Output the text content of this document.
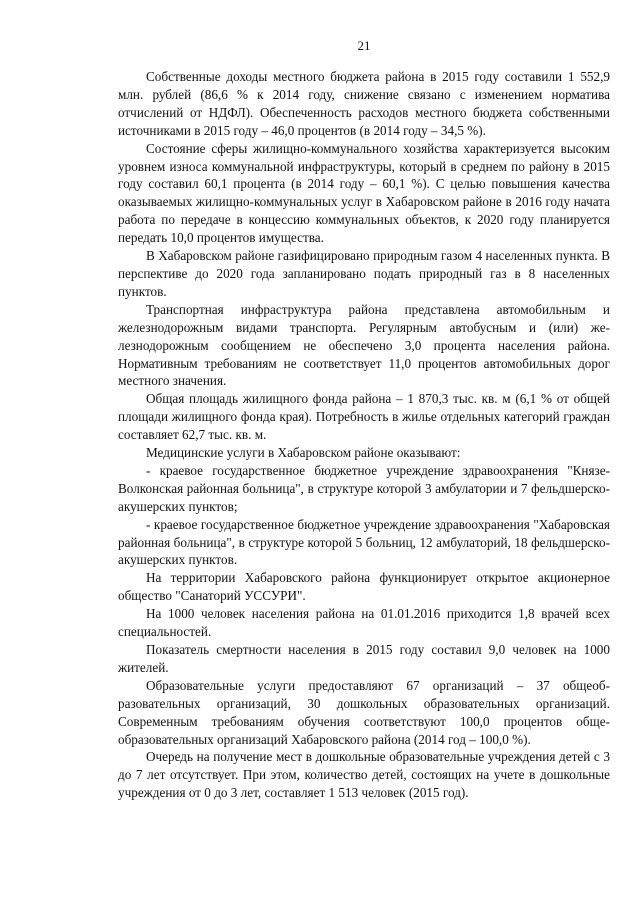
21

Собственные доходы местного бюджета района в 2015 году составили 1 552,9 млн. рублей (86,6 % к 2014 году, снижение связано с изменением норматива отчислений от НДФЛ). Обеспеченность расходов местного бюджета собственными источниками в 2015 году – 46,0 процентов (в 2014 году – 34,5 %).

Состояние сферы жилищно-коммунального хозяйства характеризуется высоким уровнем износа коммунальной инфраструктуры, который в среднем по району в 2015 году составил 60,1 процента (в 2014 году – 60,1 %). С целью повышения качества оказываемых жилищно-коммунальных услуг в Хабаровском районе в 2016 году начата работа по передаче в концессию коммунальных объектов, к 2020 году планируется передать 10,0 процентов имущества.

В Хабаровском районе газифицировано природным газом 4 населенных пункта. В перспективе до 2020 года запланировано подать природный газ в 8 населенных пунктов.

Транспортная инфраструктура района представлена автомобильным и железнодорожным видами транспорта. Регулярным автобусным и (или) железнодорожным сообщением не обеспечено 3,0 процента населения района. Нормативным требованиям не соответствует 11,0 процентов автомобильных дорог местного значения.

Общая площадь жилищного фонда района – 1 870,3 тыс. кв. м (6,1 % от общей площади жилищного фонда края). Потребность в жилье отдельных категорий граждан составляет 62,7 тыс. кв. м.

Медицинские услуги в Хабаровском районе оказывают:

- краевое государственное бюджетное учреждение здравоохранения "Князе-Волконская районная больница", в структуре которой 3 амбулатории и 7 фельдшерско-акушерских пунктов;

- краевое государственное бюджетное учреждение здравоохранения "Хабаровская районная больница", в структуре которой 5 больниц, 12 амбулаторий, 18 фельдшерско-акушерских пунктов.

На территории Хабаровского района функционирует открытое акционерное общество "Санаторий УССУРИ".

На 1000 человек населения района на 01.01.2016 приходится 1,8 врачей всех специальностей.

Показатель смертности населения в 2015 году составил 9,0 человек на 1000 жителей.

Образовательные услуги предоставляют 67 организаций – 37 общеобразовательных организаций, 30 дошкольных образовательных организаций. Современным требованиям обучения соответствуют 100,0 процентов общеобразовательных организаций Хабаровского района (2014 год – 100,0 %).

Очередь на получение мест в дошкольные образовательные учреждения детей с 3 до 7 лет отсутствует. При этом, количество детей, состоящих на учете в дошкольные учреждения от 0 до 3 лет, составляет 1 513 человек (2015 год).
